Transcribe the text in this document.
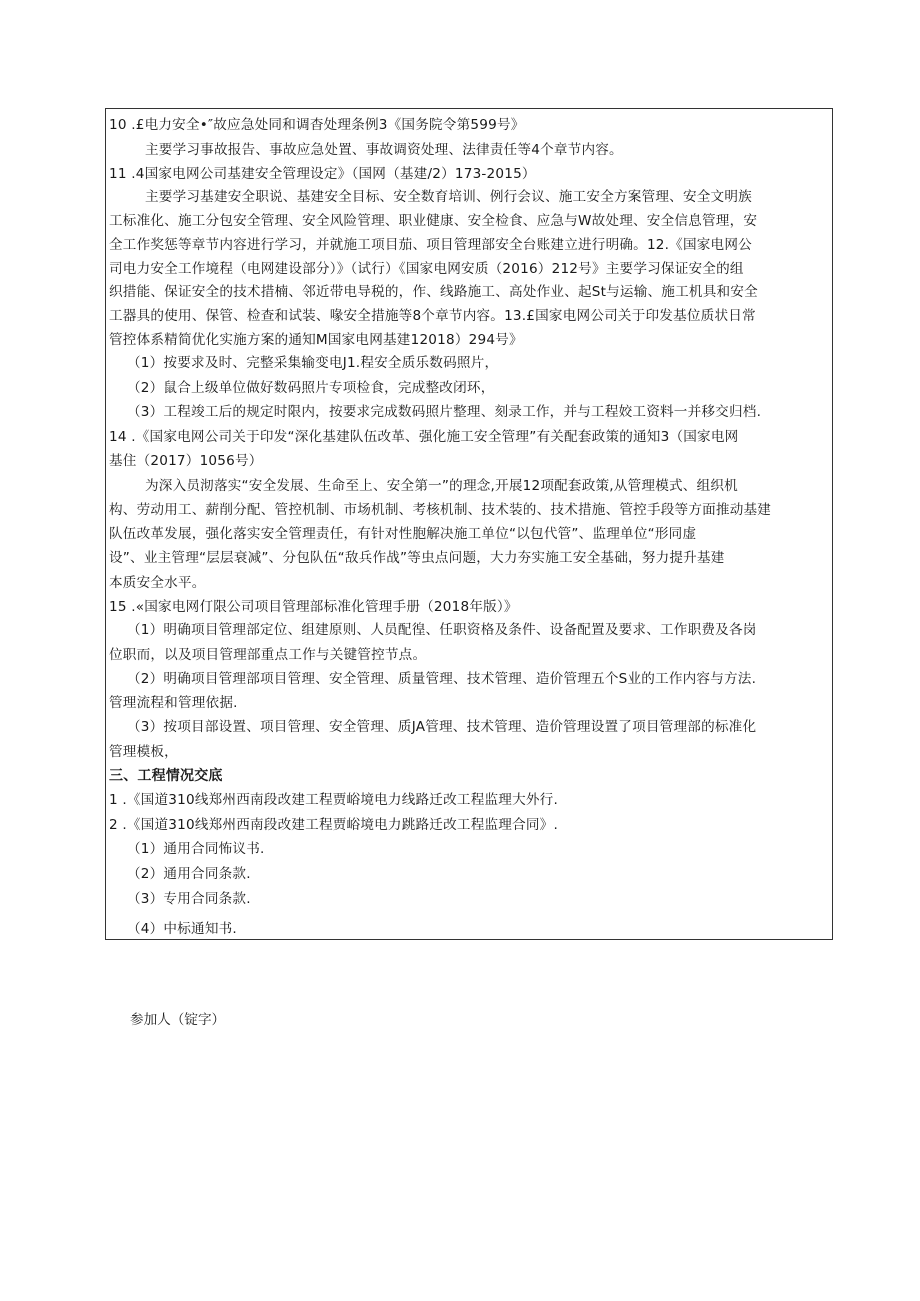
10 .£电力安全•″故应急处同和调杳处理条例3《国务院令第599号》
主要学习事故报告、事故应急处置、事故调资处理、法律责任等4个章节内容。
11 .4国家电网公司基建安全管理设定》（国网（基建/2）173-2015）
主要学习基建安全职说、基建安全目标、安全数育培训、例行会议、施工安全方案管理、安全文明族
工标准化、施工分包安全管理、安全风险管理、职业健康、安全检食、应急与W故处理、安全信息管理，安
全工作奖惩等章节内容进行学习，并就施工项目茄、项目管理部安全台账建立进行明确。12.《国家电网公
司电力安全工作境程（电网建设部分）》（试行）《国家电网安质（2016）212号》主要学习保证安全的组
织措能、保证安全的技术措楠、邻近带电导税的，作、线路施工、高处作业、起St与运输、施工机具和安全
工器具的使用、保管、检查和试装、喙安全措施等8个章节内容。13.£国家电网公司关于印发基位质状日常
管控体系精简优化实施方案的通知M国家电网基建12018）294号》
（1）按要求及时、完整采集输变电J1.程安全质乐数码照片，
（2）鼠合上级单位做好数码照片专项检食，完成整改闭环，
（3）工程竣工后的规定时限内，按要求完成数码照片整理、刻录工作，并与工程姣工资料一并移交归档.
14 .《国家电网公司关于印发“深化基建队伍改革、强化施工安全管理”有关配套政策的通知3（国家电网
基住（2017）1056号）
为深入员沏落实“安全发展、生命至上、安全第一”的理念,开展12项配套政策,从管理模式、组织机
构、劳动用工、薪削分配、管控机制、市场机制、考核机制、技术装的、技术措施、管控手段等方面推动基建
队伍改革发展，强化落实安全管理责任，有针对性胞解决施工单位“以包代管”、监理单位“形同虚
设”、业主管理“层层衰减”、分包队伍“敌兵作战”等虫点问题，大力夯实施工安全基础，努力提升基建
本质安全水平。
15 .«国家电网仃限公司项目管理部标准化管理手册（2018年版）》
（1）明确项目管理部定位、组建原则、人员配徨、任职资格及条件、设备配置及要求、工作职费及各岗
位职而，以及项目管理部重点工作与关键管控节点。
（2）明确项目管理部项目管理、安全管理、质量管理、技术管理、造价管理五个S业的工作内容与方法.
管理流程和管理依据.
（3）按项目部设置、项目管理、安全管理、质JA管理、技术管理、造价管理设置了项目管理部的标准化
管理模板，
三、工程情况交底
1 .《国道310线郑州西南段改建工程贾峪境电力线路迁改工程监理大外行.
2 .《国道310线郑州西南段改建工程贾峪境电力跳路迁改工程监理合同》.
（1）通用合同怖议书.
（2）通用合同条款.
（3）专用合同条款.
（4）中标通知书.
参加人（锭字）
